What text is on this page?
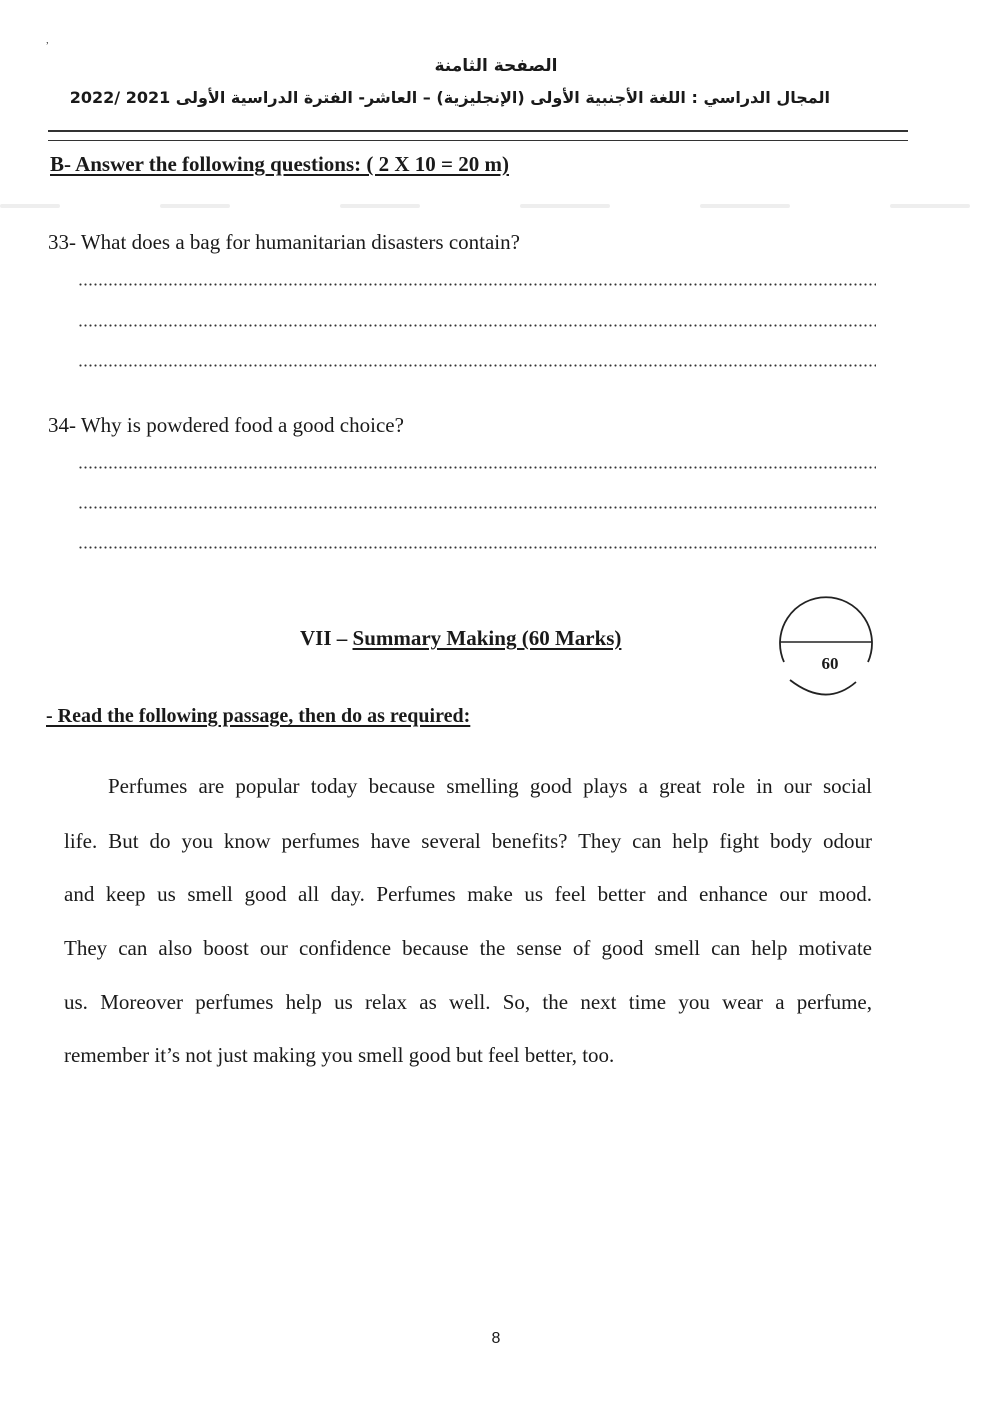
,
الصفحة الثامنة
المجال الدراسي : اللغة الأجنبية الأولى (الإنجليزية) – العاشر- الفترة الدراسية الأولى 2021 /2022
B- Answer the following questions: ( 2 X 10 = 20 m)
33- What does a bag for humanitarian disasters contain?
34- Why is powdered food a good choice?
VII – Summary Making (60 Marks)
60
- Read the following passage, then do as required:
Perfumes are popular today because smelling good plays a great role in our social
life. But do you know perfumes have several benefits? They can help fight body odour
and keep us smell good all day. Perfumes make us feel better and enhance our mood.
They can also boost our confidence because the sense of good smell can help motivate
us. Moreover perfumes help us relax as well. So, the next time you wear a perfume,
remember it’s not just making you smell good but feel better, too.
8
